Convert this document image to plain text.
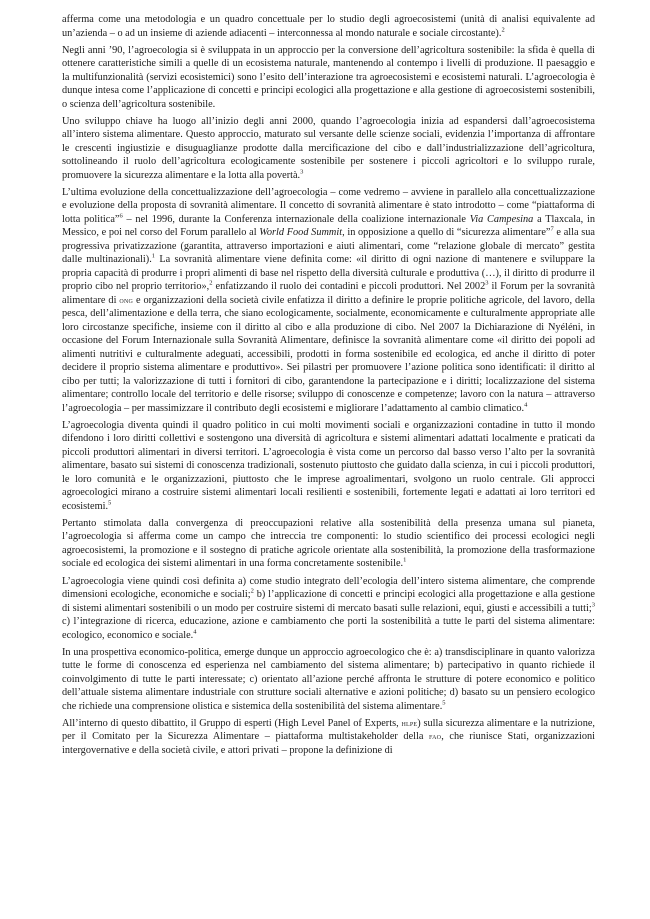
afferma come una metodologia e un quadro concettuale per lo studio degli agroecosistemi (unità di analisi equivalente ad un’azienda – o ad un insieme di aziende adiacenti – interconnessa al mondo naturale e sociale circostante).$^2$

Negli anni ’90, l’agroecologia si è sviluppata in un approccio per la conversione dell’agricoltura sostenibile: la sfida è quella di ottenere caratteristiche simili a quelle di un ecosistema naturale, mantenendo al contempo i livelli di produzione. Il paesaggio e la multifunzionalità (servizi ecosistemici) sono l’esito dell’interazione tra agroecosistemi e ecosistemi naturali. L’agroecologia è dunque intesa come l’applicazione di concetti e principi ecologici alla progettazione e alla gestione di agroecosistemi sostenibili, o scienza dell’agricoltura sostenibile.

Uno sviluppo chiave ha luogo all’inizio degli anni 2000, quando l’agroecologia inizia ad espandersi dall’agroecosistema all’intero sistema alimentare. Questo approccio, maturato sul versante delle scienze sociali, evidenzia l’importanza di affrontare le crescenti ingiustizie e disuguaglianze prodotte dalla mercificazione del cibo e dall’industrializzazione dell’agricoltura, sottolineando il ruolo dell’agricoltura ecologicamente sostenibile per sostenere i piccoli agricoltori e lo sviluppo rurale, promuovere la sicurezza alimentare e la lotta alla povertà.$^3$

L’ultima evoluzione della concettualizzazione dell’agroecologia – come vedremo – avviene in parallelo alla concettualizzazione e evoluzione della proposta di sovranità alimentare. Il concetto di sovranità alimentare è stato introdotto – come “piattaforma di lotta politica”$^6$ – nel 1996, durante la Conferenza internazionale della coalizione internazionale Via Campesina a Tlaxcala, in Messico, e poi nel corso del Forum parallelo al World Food Summit, in opposizione a quello di “sicurezza alimentare”$^7$ e alla sua progressiva privatizzazione (garantita, attraverso importazioni e aiuti alimentari, come “relazione globale di mercato” gestita dalle multinazionali).$^1$ La sovranità alimentare viene definita come: «il diritto di ogni nazione di mantenere e sviluppare la propria capacità di produrre i propri alimenti di base nel rispetto della diversità culturale e produttiva (…), il diritto di produrre il proprio cibo nel proprio territorio»,$^2$ enfatizzando il ruolo dei contadini e piccoli produttori. Nel 2002$^3$ il Forum per la sovranità alimentare di ong e organizzazioni della società civile enfatizza il diritto a definire le proprie politiche agricole, del lavoro, della pesca, dell’alimentazione e della terra, che siano ecologicamente, socialmente, economicamente e culturalmente appropriate alle loro circostanze specifiche, insieme con il diritto al cibo e alla produzione di cibo. Nel 2007 la Dichiarazione di Nyéléni, in occasione del Forum Internazionale sulla Sovranità Alimentare, definisce la sovranità alimentare come «il diritto dei popoli ad alimenti nutritivi e culturalmente adeguati, accessibili, prodotti in forma sostenibile ed ecologica, ed anche il diritto di poter decidere il proprio sistema alimentare e produttivo». Sei pilastri per promuovere l’azione politica sono identificati: il diritto al cibo per tutti; la valorizzazione di tutti i fornitori di cibo, garantendone la partecipazione e i diritti; localizzazione del sistema alimentare; controllo locale del territorio e delle risorse; sviluppo di conoscenze e competenze; lavoro con la natura – attraverso l’agroecologia – per massimizzare il contributo degli ecosistemi e migliorare l’adattamento al cambio climatico.$^4$

L’agroecologia diventa quindi il quadro politico in cui molti movimenti sociali e organizzazioni contadine in tutto il mondo difendono i loro diritti collettivi e sostengono una diversità di agricoltura e sistemi alimentari adattati localmente e praticati da piccoli produttori alimentari in diversi territori. L’agroecologia è vista come un percorso dal basso verso l’alto per la sovranità alimentare, basato sui sistemi di conoscenza tradizionali, sostenuto piuttosto che guidato dalla scienza, in cui i piccoli produttori, le loro comunità e le organizzazioni, piuttosto che le imprese agroalimentari, svolgono un ruolo centrale. Gli approcci agroecologici mirano a costruire sistemi alimentari locali resilienti e sostenibili, fortemente legati e adattati ai loro territori ed ecosistemi.$^5$

Pertanto stimolata dalla convergenza di preoccupazioni relative alla sostenibilità della presenza umana sul pianeta, l’agroecologia si afferma come un campo che intreccia tre componenti: lo studio scientifico dei processi ecologici negli agroecosistemi, la promozione e il sostegno di pratiche agricole orientate alla sostenibilità, la promozione della trasformazione sociale ed ecologica dei sistemi alimentari in una forma concretamente sostenibile.$^1$

L’agroecologia viene quindi così definita a) come studio integrato dell’ecologia dell’intero sistema alimentare, che comprende dimensioni ecologiche, economiche e sociali;$^2$ b) l’applicazione di concetti e principi ecologici alla progettazione e alla gestione di sistemi alimentari sostenibili o un modo per costruire sistemi di mercato basati sulle relazioni, equi, giusti e accessibili a tutti;$^3$ c) l’integrazione di ricerca, educazione, azione e cambiamento che porti la sostenibilità a tutte le parti del sistema alimentare: ecologico, economico e sociale.$^4$

In una prospettiva economico-politica, emerge dunque un approccio agroecologico che è: a) transdisciplinare in quanto valorizza tutte le forme di conoscenza ed esperienza nel cambiamento del sistema alimentare; b) partecipativo in quanto richiede il coinvolgimento di tutte le parti interessate; c) orientato all’azione perché affronta le strutture di potere economico e politico dell’attuale sistema alimentare industriale con strutture sociali alternative e azioni politiche; d) basato su un pensiero ecologico che richiede una comprensione olistica e sistemica della sostenibilità del sistema alimentare.$^5$

All’interno di questo dibattito, il Gruppo di esperti (High Level Panel of Experts, hlpe) sulla sicurezza alimentare e la nutrizione, per il Comitato per la Sicurezza Alimentare – piattaforma multistakeholder della fao, che riunisce Stati, organizzazioni intergovernative e della società civile, e attori privati – propone la definizione di
